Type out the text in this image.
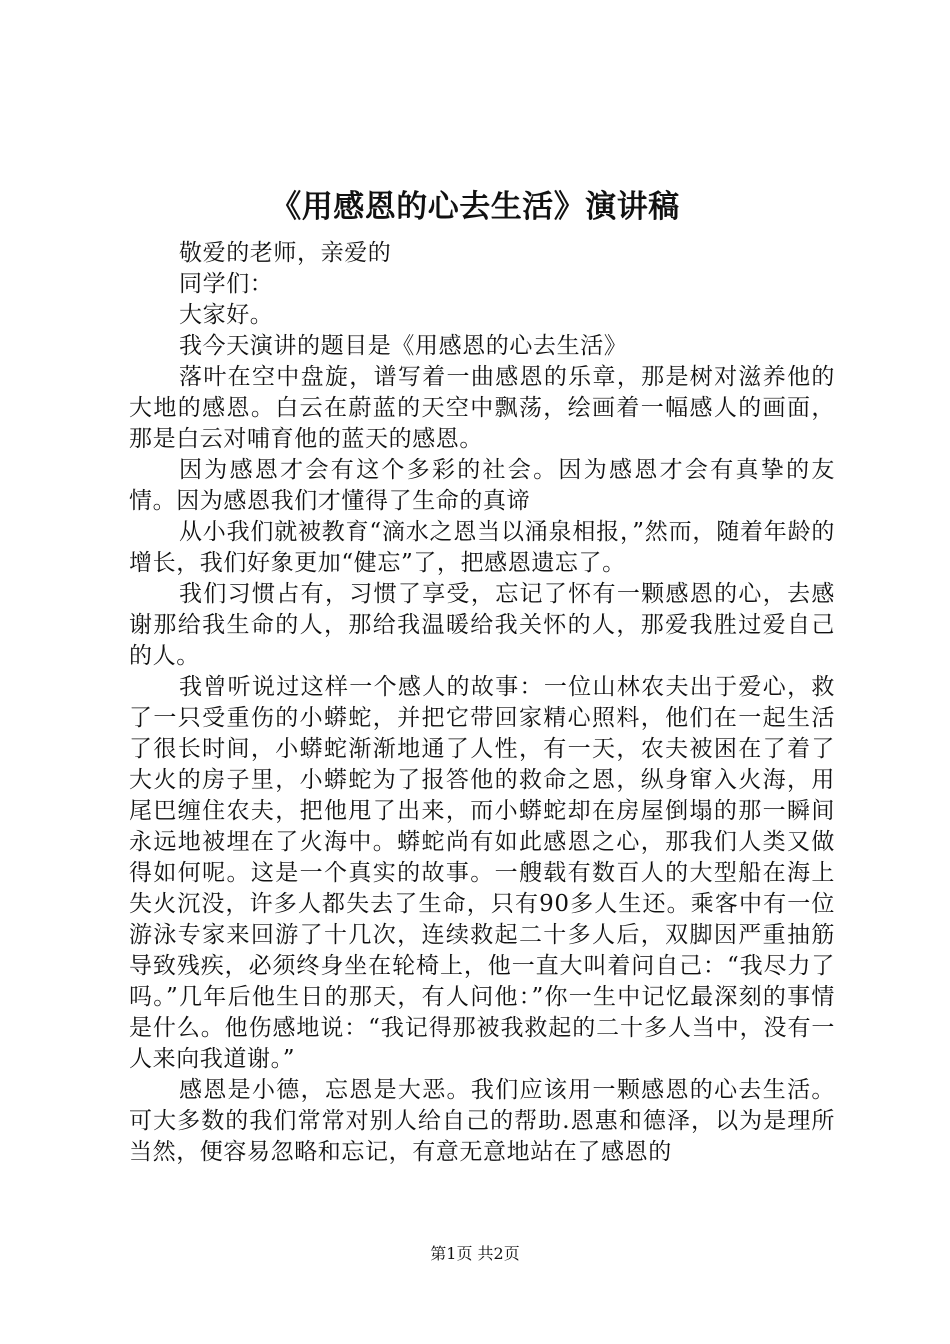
《用感恩的心去生活》演讲稿

敬爱的老师，亲爱的

同学们：

大家好。

我今天演讲的题目是《用感恩的心去生活》

落叶在空中盘旋，谱写着一曲感恩的乐章，那是树对滋养他的大地的感恩。白云在蔚蓝的天空中飘荡，绘画着一幅感人的画面，那是白云对哺育他的蓝天的感恩。

因为感恩才会有这个多彩的社会。因为感恩才会有真挚的友情。因为感恩我们才懂得了生命的真谛

从小我们就被教育“滴水之恩当以涌泉相报，”然而，随着年龄的增长，我们好象更加“健忘”了，把感恩遗忘了。

我们习惯占有，习惯了享受，忘记了怀有一颗感恩的心，去感谢那给我生命的人，那给我温暖给我关怀的人，那爱我胜过爱自己的人。

我曾听说过这样一个感人的故事：一位山林农夫出于爱心，救了一只受重伤的小蟒蛇，并把它带回家精心照料，他们在一起生活了很长时间，小蟒蛇渐渐地通了人性，有一天，农夫被困在了着了大火的房子里，小蟒蛇为了报答他的救命之恩，纵身窜入火海，用尾巴缠住农夫，把他甩了出来，而小蟒蛇却在房屋倒塌的那一瞬间永远地被埋在了火海中。蟒蛇尚有如此感恩之心，那我们人类又做得如何呢。这是一个真实的故事。一艘载有数百人的大型船在海上失火沉没，许多人都失去了生命，只有90多人生还。乘客中有一位游泳专家来回游了十几次，连续救起二十多人后，双脚因严重抽筋导致残疾，必须终身坐在轮椅上，他一直大叫着问自己：“我尽力了吗。”几年后他生日的那天，有人问他：”你一生中记忆最深刻的事情是什么。他伤感地说：“我记得那被我救起的二十多人当中，没有一人来向我道谢。”

感恩是小德，忘恩是大恶。我们应该用一颗感恩的心去生活。可大多数的我们常常对别人给自己的帮助.恩惠和德泽，以为是理所当然，便容易忽略和忘记，有意无意地站在了感恩的

第1页 共2页
